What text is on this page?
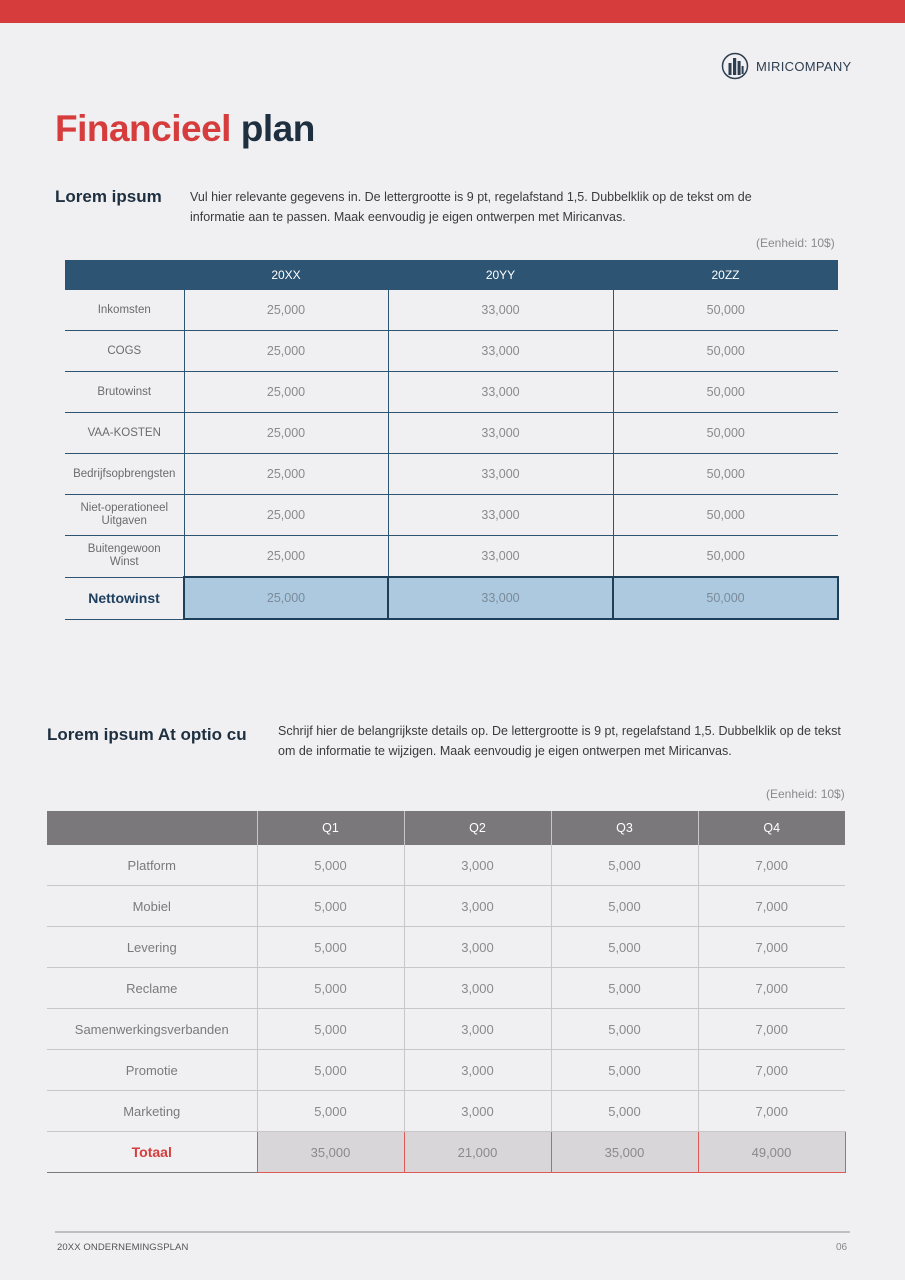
MIRICOMPANY
Financieel plan
Lorem ipsum Vul hier relevante gegevens in. De lettergrootte is 9 pt, regelafstand 1,5. Dubbelklik op de tekst om de informatie aan te passen. Maak eenvoudig je eigen ontwerpen met Miricanvas.

(Eenheid: 10$)
	20XX	20YY	20ZZ
Inkomsten	25,000	33,000	50,000
COGS	25,000	33,000	50,000
Brutowinst	25,000	33,000	50,000
VAA-KOSTEN	25,000	33,000	50,000
Bedrijfsopbrengsten	25,000	33,000	50,000
Niet-operationeel Uitgaven	25,000	33,000	50,000
Buitengewoon Winst	25,000	33,000	50,000
Nettowinst	25,000	33,000	50,000
Lorem ipsum At optio cu	Schrijf hier de belangrijkste details op. De lettergrootte is 9 pt, regelafstand 1,5. Dubbelklik op de tekst om de informatie te wijzigen. Maak eenvoudig je eigen ontwerpen met Miricanvas.

(Eenheid: 10$)
	Q1	Q2	Q3	Q4
Platform	5,000	3,000	5,000	7,000
Mobiel	5,000	3,000	5,000	7,000
Levering	5,000	3,000	5,000	7,000
Reclame	5,000	3,000	5,000	7,000
Samenwerkingsverbanden	5,000	3,000	5,000	7,000
Promotie	5,000	3,000	5,000	7,000
Marketing	5,000	3,000	5,000	7,000
Totaal	35,000	21,000	35,000	49,000
20XX ONDERNEMINGSPLAN	06
